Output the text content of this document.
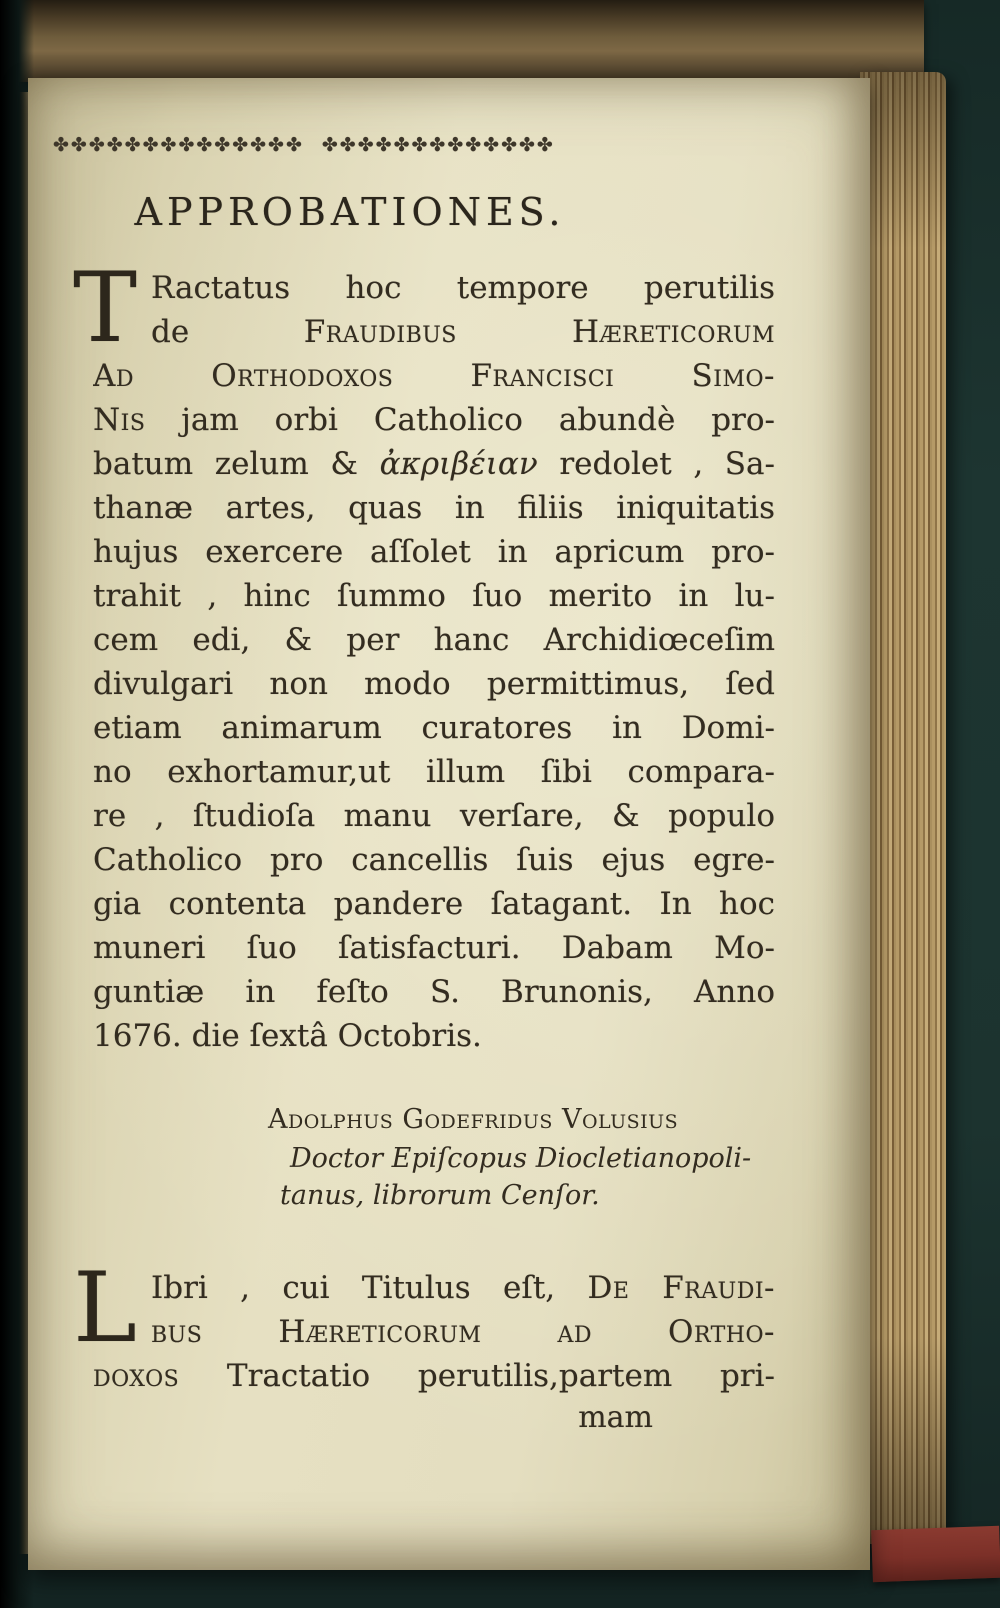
✤✤✤✤✤✤✤✤✤✤✤✤✤✤ ✤✤✤✤✤✤✤✤✤✤✤✤✤
APPROBATIONES.
T Ractatus hoc tempore perutilis
de Fraudibus Hæreticorum
Ad Orthodoxos Francisci Simo-
Nis jam orbi Catholico abundè pro-
batum zelum & ἀκριβέιαν redolet , Sa-
thanæ artes, quas in filiis iniquitatis
hujus exercere aſſolet in apricum pro-
trahit , hinc ſummo ſuo merito in lu-
cem edi, & per hanc Archidiœceſim
divulgari non modo permittimus, ſed
etiam animarum curatores in Domi-
no exhortamur,ut illum ſibi compara-
re , ſtudioſa manu verſare, & populo
Catholico pro cancellis ſuis ejus egre-
gia contenta pandere ſatagant. In hoc
muneri ſuo ſatisfacturi. Dabam Mo-
guntiæ in feſto S. Brunonis, Anno
1676. die ſextâ Octobris.
Adolphus Godefridus Volusius
Doctor Epiſcopus Diocletianopoli-
tanus, librorum Cenſor.
L Ibri , cui Titulus eſt, De Fraudi-
bus Hæreticorum ad Ortho-
doxos Tractatio perutilis,partem pri-
mam
